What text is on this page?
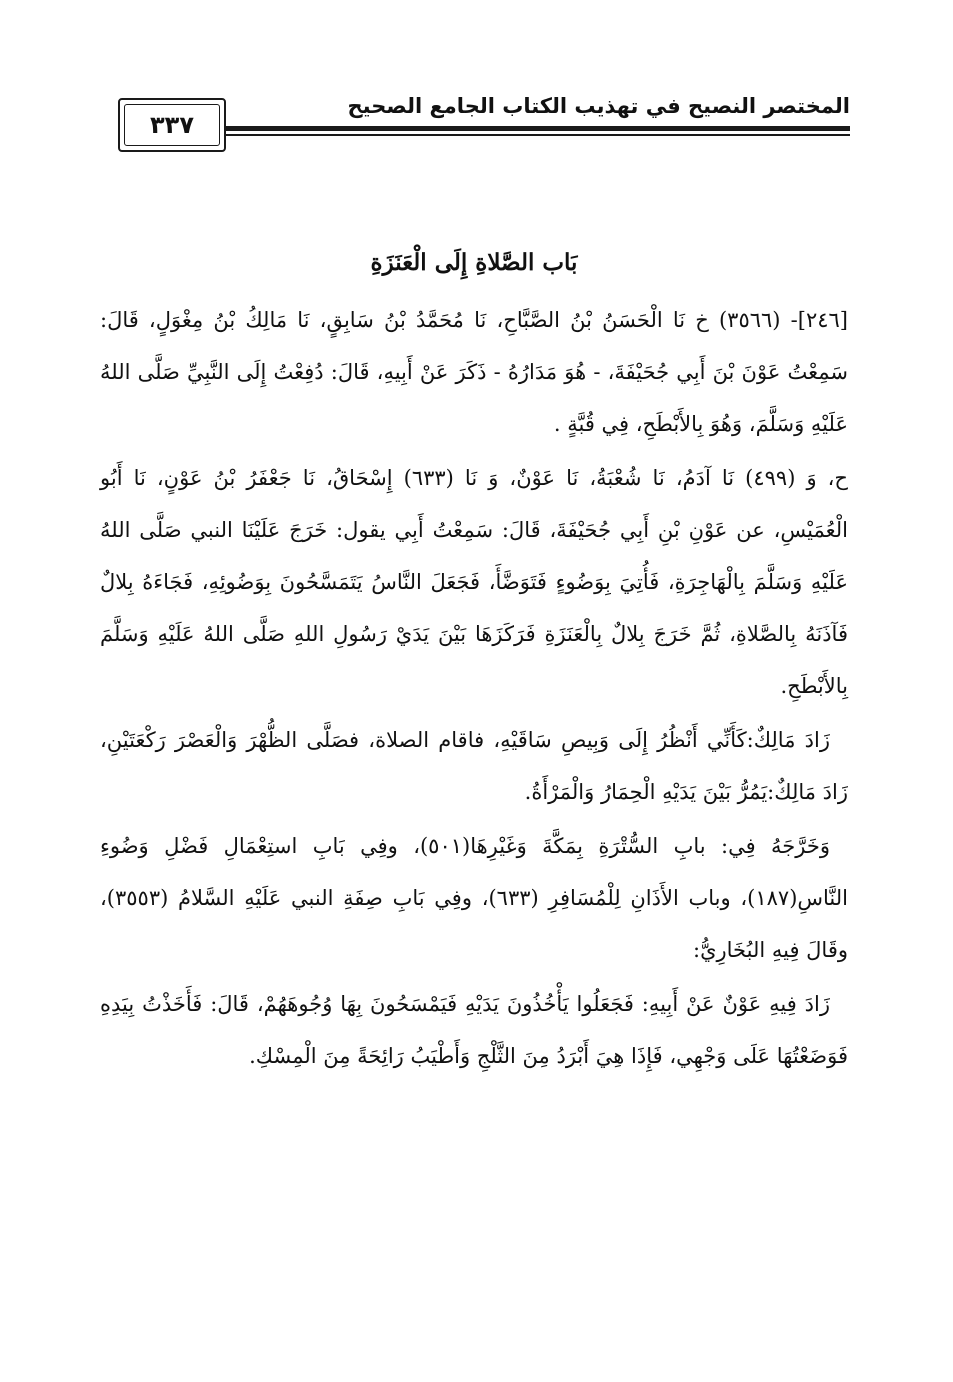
٣٣٧
المختصر النصيح في تهذيب الكتاب الجامع الصحيح
بَاب الصَّلاةِ إِلَى الْعَنَزَةِ

[٢٤٦]- (٣٥٦٦) خ نَا الْحَسَنُ بْنُ الصَّبَّاحِ، نَا مُحَمَّدُ بْنُ سَابِقٍ، نَا مَالِكُ بْنُ مِغْوَلٍ، قَالَ: سَمِعْتُ عَوْنَ بْنَ أَبِي جُحَيْفَةَ، - هُوَ مَدَارُهُ - ذَكَرَ عَنْ أَبِيهِ، قَالَ: دُفِعْتُ إِلَى النَّبِيِّ صَلَّى اللهُ عَلَيْهِ وَسَلَّمَ، وَهُوَ بِالأَبْطَحِ، فِي قُبَّةٍ .

ح، وَ (٤٩٩) نَا آدَمُ، نَا شُعْبَةُ، نَا عَوْنٌ، وَ نَا (٦٣٣) إِسْحَاقُ، نَا جَعْفَرُ بْنُ عَوْنٍ، نَا أَبُو الْعُمَيْسِ، عن عَوْنِ بْنِ أَبِي جُحَيْفَةَ، قَالَ: سَمِعْتُ أَبِي يقول: خَرَجَ عَلَيْنَا النبي صَلَّى اللهُ عَلَيْهِ وَسَلَّمَ بِالْهَاجِرَةِ، فَأُتِيَ بِوَضُوءٍ فَتَوَضَّأَ، فَجَعَلَ النَّاسُ يَتَمَسَّحُونَ بِوَضُوئِهِ، فَجَاءَهُ بِلالٌ فَآذَنَهُ بِالصَّلاةِ، ثُمَّ خَرَجَ بِلالٌ بِالْعَنَزَةِ فَرَكَزَهَا بَيْنَ يَدَيْ رَسُولِ اللهِ صَلَّى اللهُ عَلَيْهِ وَسَلَّمَ بِالأَبْطَحِ.

زَادَ مَالِكٌ:كَأَنِّي أَنْظُرُ إِلَى وَبِيصِ سَاقَيْهِ، فاقام الصلاة، فصَلَّى الظُّهْرَ وَالْعَصْرَ رَكْعَتَيْنِ، زَادَ مَالِكٌ:يَمُرُّ بَيْنَ يَدَيْهِ الْحِمَارُ وَالْمَرْأَةُ.

وَخَرَّجَهُ فِي: بابِ السُّتْرَةِ بِمَكَّةَ وَغَيْرِهَا(٥٠١)، وفِي بَابِ استِعْمَالِ فَضْلِ وَضُوءِ النَّاسِ(١٨٧)، وباب الأَذَانِ لِلْمُسَافِرِ (٦٣٣)، وفِي بَابِ صِفَةِ النبي عَلَيْهِ السَّلامُ (٣٥٥٣)، وقَالَ فِيهِ البُخَارِيُّ:

زَادَ فِيهِ عَوْنٌ عَنْ أَبِيهِ: فَجَعَلُوا يَأْخُذُونَ يَدَيْهِ فَيَمْسَحُونَ بِهَا وُجُوهَهُمْ، قَالَ: فَأَخَذْتُ بِيَدِهِ فَوَضَعْتُهَا عَلَى وَجْهِي، فَإِذَا هِيَ أَبْرَدُ مِنَ الثَّلْجِ وَأَطْيَبُ رَائِحَةً مِنَ الْمِسْكِ.
